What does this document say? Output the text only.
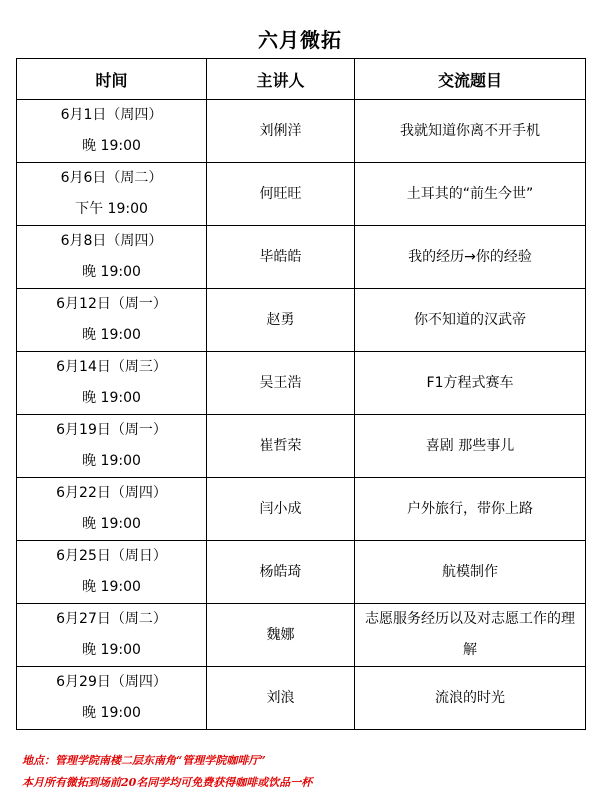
六月微拓
时间	主讲人	交流题目

6月1日（周四）
晚 19:00	刘俐洋	我就知道你离不开手机

6月6日（周二）
下午 19:00	何旺旺	土耳其的“前生今世”

6月8日（周四）
晚 19:00	毕皓皓	我的经历→你的经验

6月12日（周一）
晚 19:00	赵勇	你不知道的汉武帝

6月14日（周三）
晚 19:00	吴王浩	F1方程式赛车

6月19日（周一）
晚 19:00	崔哲荣	喜剧 那些事儿

6月22日（周四）
晚 19:00	闫小成	户外旅行，带你上路

6月25日（周日）
晚 19:00	杨皓琦	航模制作

6月27日（周二）
晚 19:00	魏娜	志愿服务经历以及对志愿工作的理解

6月29日（周四）
晚 19:00	刘浪	流浪的时光
地点：管理学院南楼二层东南角“管理学院咖啡厅”
本月所有微拓到场前20名同学均可免费获得咖啡或饮品一杯
